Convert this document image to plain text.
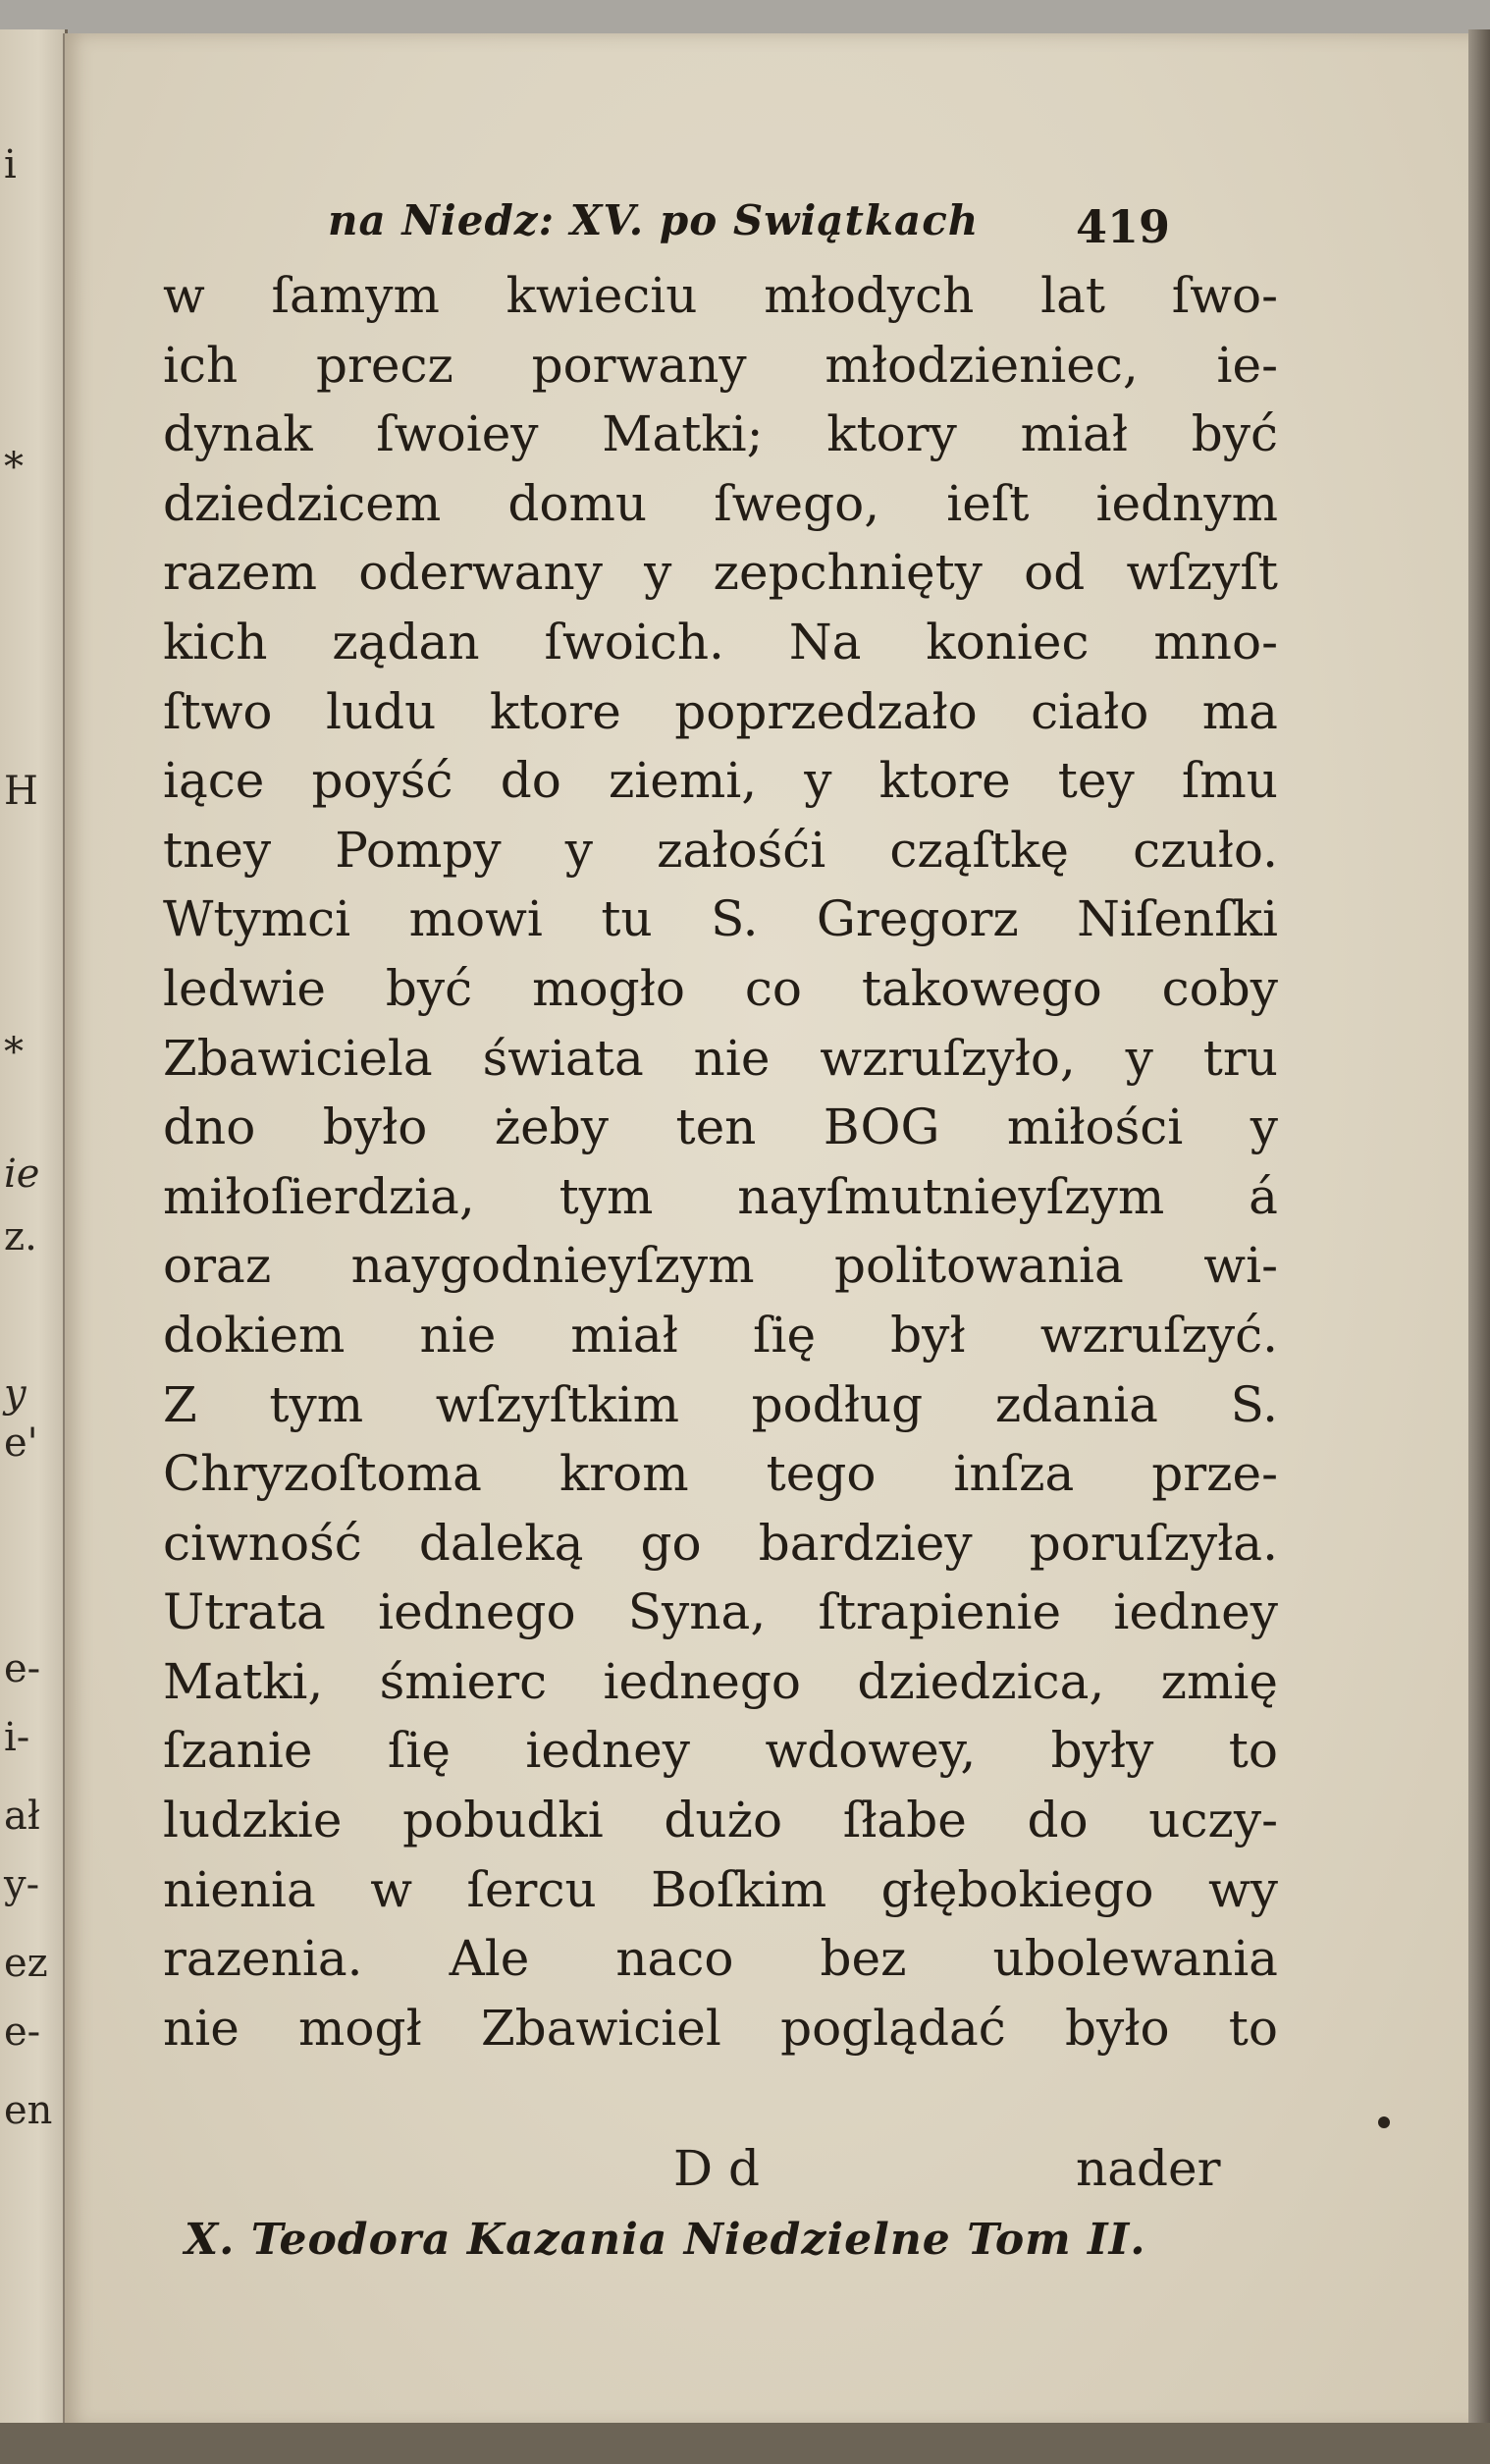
i
*
H
*
ie
z.
y
e'
e-
i-
ał
y-
ez
e-
en
na Niedz: XV. po Swiątkach 419
w ſamym kwieciu młodych lat ſwo-
ich precz porwany młodzieniec, ie-
dynak ſwoiey Matki; ktory miał być
dziedzicem domu ſwego, ieſt iednym
razem oderwany y zepchnięty od wſzyſt
kich ządan ſwoich. Na koniec mno-
ſtwo ludu ktore poprzedzało ciało ma
iące poyść do ziemi, y ktore tey ſmu
tney Pompy y załośći cząſtkę czuło.
Wtymci mowi tu S. Gregorz Niſenſki
ledwie być mogło co takowego coby
Zbawiciela świata nie wzruſzyło, y tru
dno było żeby ten BOG miłości y
miłoſierdzia, tym nayſmutnieyſzym á
oraz naygodnieyſzym politowania wi-
dokiem nie miał ſię był wzruſzyć.
Z tym wſzyſtkim podług zdania S.
Chryzoſtoma krom tego inſza prze-
ciwność daleką go bardziey poruſzyła.
Utrata iednego Syna, ſtrapienie iedney
Matki, śmierc iednego dziedzica, zmię
ſzanie ſię iedney wdowey, były to
ludzkie pobudki dużo ſłabe do uczy-
nienia w ſercu Boſkim głębokiego wy
razenia. Ale naco bez ubolewania
nie mogł Zbawiciel poglądać było to
D d	nader
X. Teodora Kazania Niedzielne Tom II.
